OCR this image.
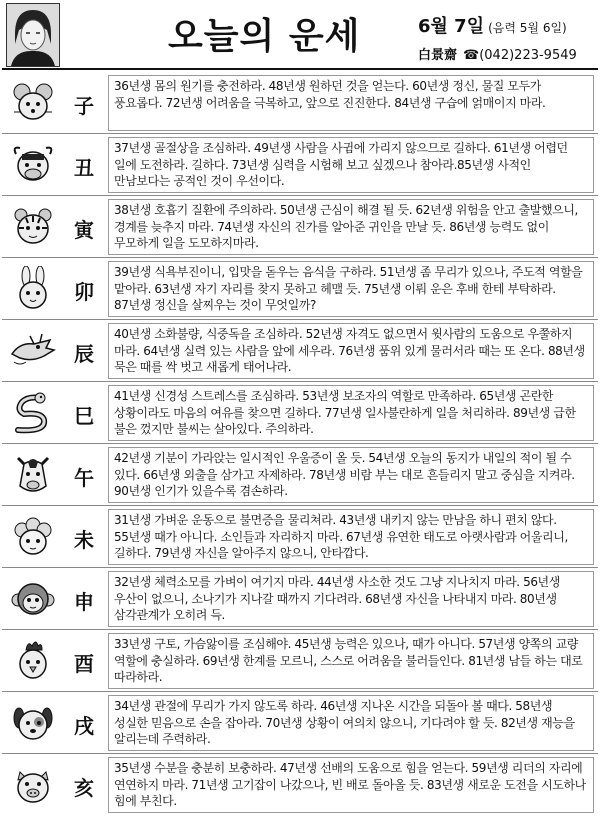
오늘의 운세	6월 7일 (음력 5월 6일)
白景齋 ☎(042)223-9549
子
36년생 몸의 원기를 충전하라. 48년생 원하던 것을 얻는다. 60년생 정신, 물질 모두가 풍요롭다. 72년생 어려움을 극복하고, 앞으로 진진한다. 84년생 구습에 얽매이지 마라.
丑
37년생 골절상을 조심하라. 49년생 사람을 사귐에 가리지 않으므로 길하다. 61년생 어렵던 일에 도전하라. 길하다. 73년생 심력을 시험해 보고 싶겠으나 참아라.85년생 사적인 만남보다는 공적인 것이 우선이다.
寅
38년생 호흡기 질환에 주의하라. 50년생 근심이 해결 될 듯. 62년생 위험을 안고 출발했으니, 경계를 늦추지 마라. 74년생 자신의 진가를 알아준 귀인을 만날 듯. 86년생 능력도 없이 무모하게 일을 도모하지마라.
卯
39년생 식욕부진이니, 입맛을 돋우는 음식을 구하라. 51년생 좀 무리가 있으나, 주도적 역할을 맡아라. 63년생 자기 자리를 찾지 못하고 헤맬 듯. 75년생 이뤄 운은 후배 한테 부탁하라. 87년생 정신을 살찌우는 것이 무엇일까?
辰
40년생 소화불량, 식중독을 조심하라. 52년생 자격도 없으면서 윗사람의 도움으로 우쭐하지 마라. 64년생 실력 있는 사람을 앞에 세우라. 76년생 품위 있게 물러서라 때는 또 온다. 88년생 묵은 때를 싹 벗고 새롭게 태어나라.
巳
41년생 신경성 스트레스를 조심하라. 53년생 보조자의 역할로 만족하라. 65년생 곤란한 상황이라도 마음의 여유를 찾으면 길하다. 77년생 일사불란하게 일을 처리하라. 89년생 급한 불은 껐지만 불씨는 살아있다. 주의하라.
午
42년생 기분이 가라앉는 일시적인 우울증이 올 듯. 54년생 오늘의 동지가 내일의 적이 될 수 있다. 66년생 외출을 삼가고 자제하라. 78년생 비람 부는 대로 흔들리지 말고 중심을 지켜라. 90년생 인기가 있을수록 겸손하라.
未
31년생 가벼운 운동으로 불면증을 물리쳐라. 43년생 내키지 않는 만남을 하니 편치 않다. 55년생 때가 아니다. 소인들과 자리하지 마라. 67년생 유연한 태도로 아랫사람과 어울리니, 길하다. 79년생 자신을 알아주지 않으니, 안타깝다.
申
32년생 체력소모를 가벼이 여기지 마라. 44년생 사소한 것도 그냥 지나치지 마라. 56년생 우산이 없으니, 소나기가 지나갈 때까지 기다려라. 68년생 자신을 나타내지 마라. 80년생 삼각관계가 오히려 득.
酉
33년생 구토, 가슴앓이를 조심해야. 45년생 능력은 있으나, 때가 아니다. 57년생 양쪽의 교량 역할에 충실하라. 69년생 한계를 모르니, 스스로 어려움을 불러들인다. 81년생 남들 하는 대로 따라하라.
戌
34년생 관절에 무리가 가지 않도록 하라. 46년생 지나온 시간을 되돌아 볼 때다. 58년생 성실한 믿음으로 손을 잡아라. 70년생 상황이 여의치 않으니, 기다려야 할 듯. 82년생 재능을 알리는데 주력하라.
亥
35년생 수분을 충분히 보충하라. 47년생 선배의 도움으로 힘을 얻는다. 59년생 리더의 자리에 연연하지 마라. 71년생 고기잡이 나갔으나, 빈 배로 돌아올 듯. 83년생 새로운 도전을 시도하나 힘에 부친다.
